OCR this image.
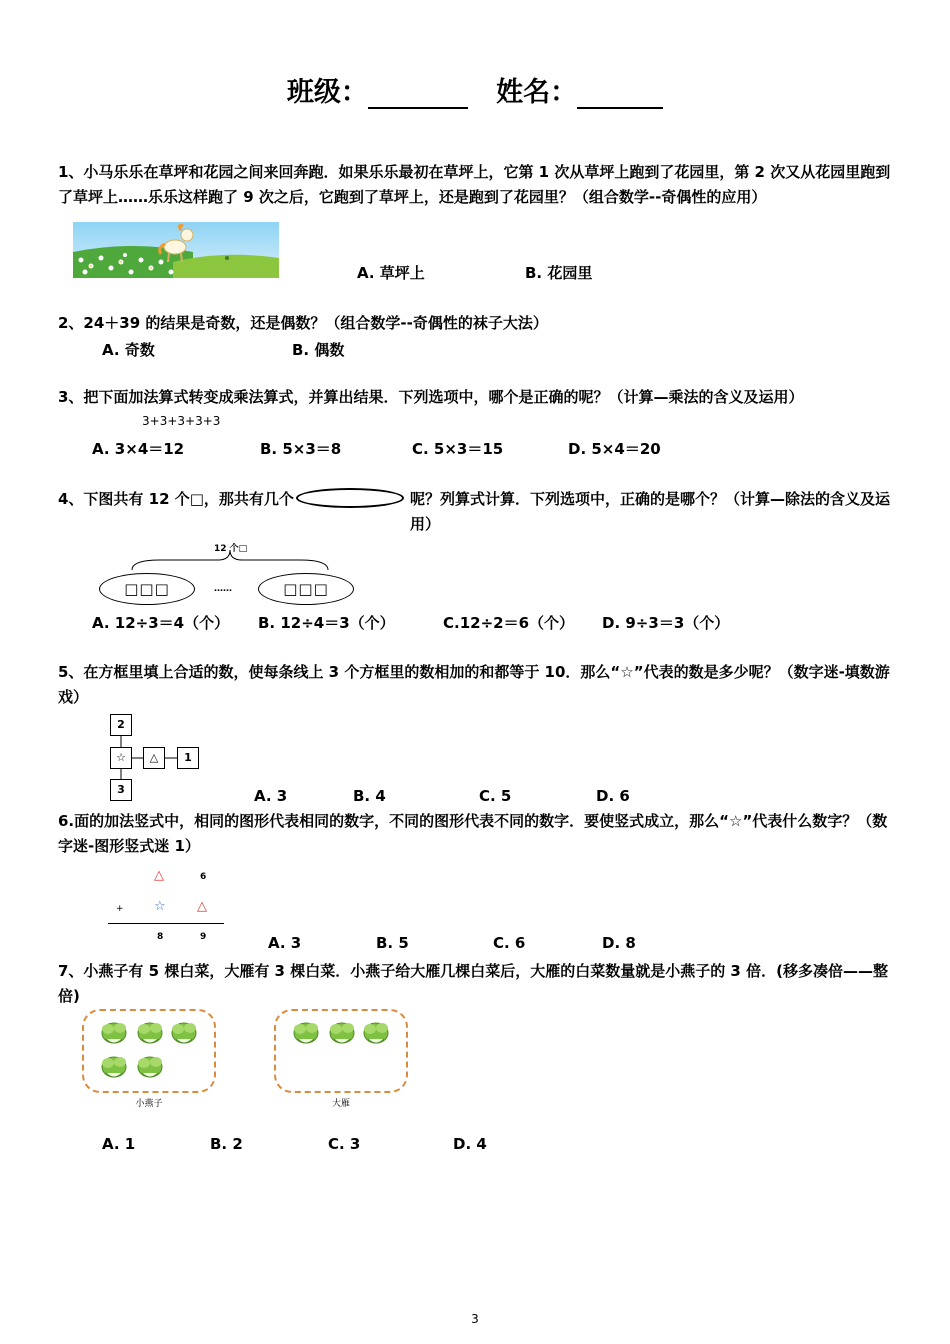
班级：	姓名：
1、小马乐乐在草坪和花园之间来回奔跑．如果乐乐最初在草坪上，它第 1 次从草坪上跑到了花园里，第 2 次又从花园里跑到了草坪上……乐乐这样跑了 9 次之后，它跑到了草坪上，还是跑到了花园里？（组合数学--奇偶性的应用）
A. 草坪上	B. 花园里
2、24＋39 的结果是奇数，还是偶数？（组合数学--奇偶性的袜子大法）
A. 奇数	B. 偶数
3、把下面加法算式转变成乘法算式，并算出结果．下列选项中，哪个是正确的呢？（计算—乘法的含义及运用）
3+3+3+3+3
A. 3×4＝12	B. 5×3＝8	C. 5×3＝15	D. 5×4＝20
4、下图共有 12 个□，那共有几个	呢？列算式计算．下列选项中，正确的是哪个？（计算—除法的含义及运用）
12 个□
□□□	……	□□□
A. 12÷3＝4（个） B. 12÷4＝3（个）	C.12÷2＝6（个） D. 9÷3＝3（个）
5、在方框里填上合适的数，使每条线上 3 个方框里的数相加的和都等于 10．那么“☆”代表的数是多少呢？（数字迷-填数游戏）
2
☆	△	1
3	A. 3	B. 4	C. 5	D. 6
6.面的加法竖式中，相同的图形代表相同的数字，不同的图形代表不同的数字．要使竖式成立，那么“☆”代表什么数字？（数字迷-图形竖式迷 1）
△	6
+ ☆ △
8	9	A. 3	B. 5	C. 6	D. 8
7、小燕子有 5 棵白菜，大雁有 3 棵白菜．小燕子给大雁几棵白菜后，大雁的白菜数量就是小燕子的 3 倍．(移多凑倍——整倍)
小燕子	大雁
A. 1	B. 2	C. 3	D. 4
3
